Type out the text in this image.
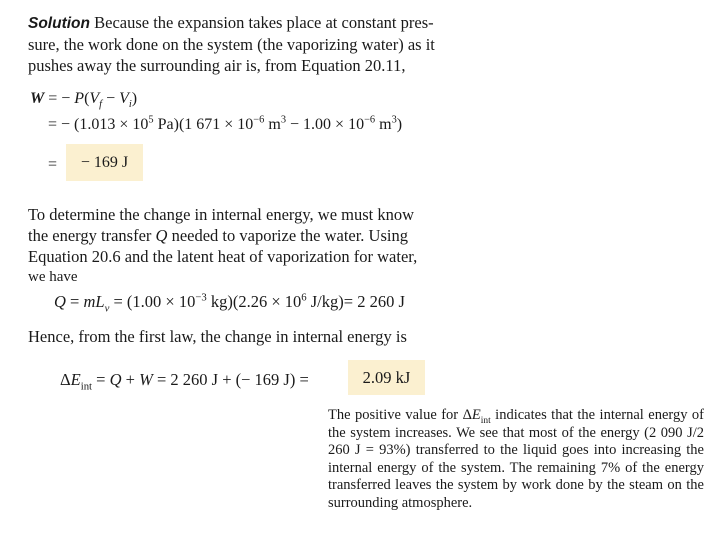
Solution Because the expansion takes place at constant pres-
sure, the work done on the system (the vaporizing water) as it
pushes away the surrounding air is, from Equation 20.11,
W = − $P(V_f - V_i)$
= − ($1.013 \times 10^5$ Pa)(1 $671 \times 10^{-6}$ $m^3 - 1.00 \times 10^{-6}$ $m^3$)
= − 169 J
To determine the change in internal energy, we must know
the energy transfer Q needed to vaporize the water. Using
Equation 20.6 and the latent heat of vaporization for water,
we have
$Q = mL_v = (1.00 \times 10^{-3}$ $kg)(2.26 \times 10^6$ J/kg)= 2 260 J
Hence, from the first law, the change in internal energy is
$\Delta E_{int} = Q + W = 2$ 260 J + (− 169 J) =	2.09 kJ
The positive value for $\Delta E_{int}$ indicates that the internal energy of the system increases. We see that most of the energy (2 090 J/2 260 J = 93%) transferred to the liquid goes into increasing the internal energy of the system. The remaining 7% of the energy transferred leaves the system by work done by the steam on the surrounding atmosphere.
